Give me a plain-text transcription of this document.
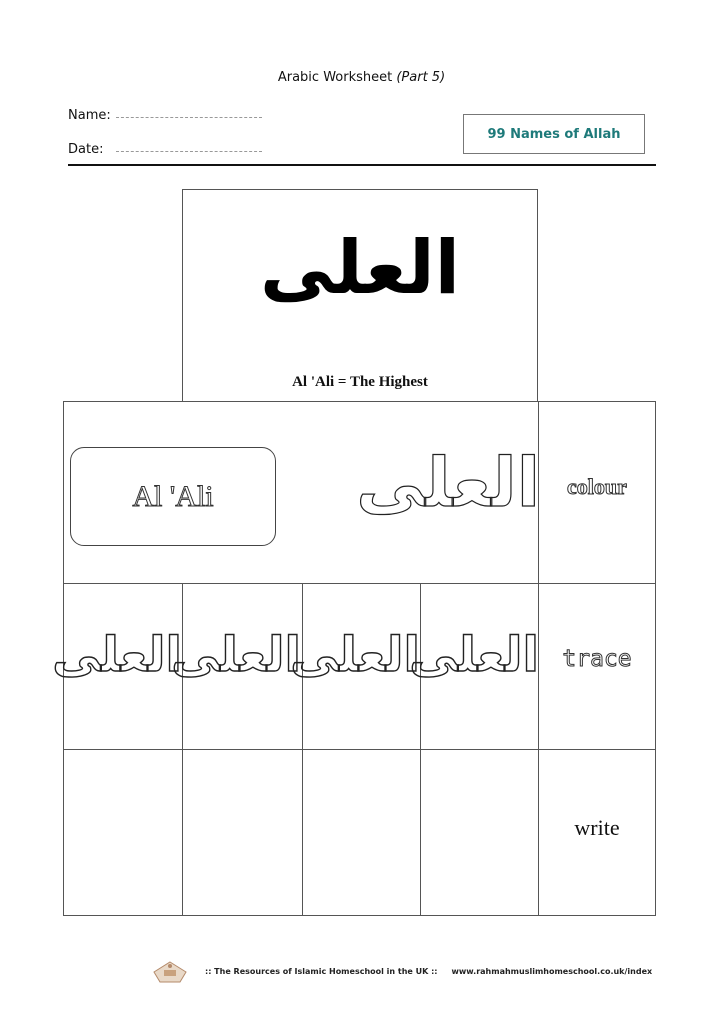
Arabic Worksheet (Part 5)
Name:
Date:
99 Names of Allah
العلى
Al 'Ali = The Highest
Al 'Ali العلى	colour
العلى
العلى
العلى
العلى	trace
write
:: The Resources of Islamic Homeschool in the UK :: www.rahmahmuslimhomeschool.co.uk/index
